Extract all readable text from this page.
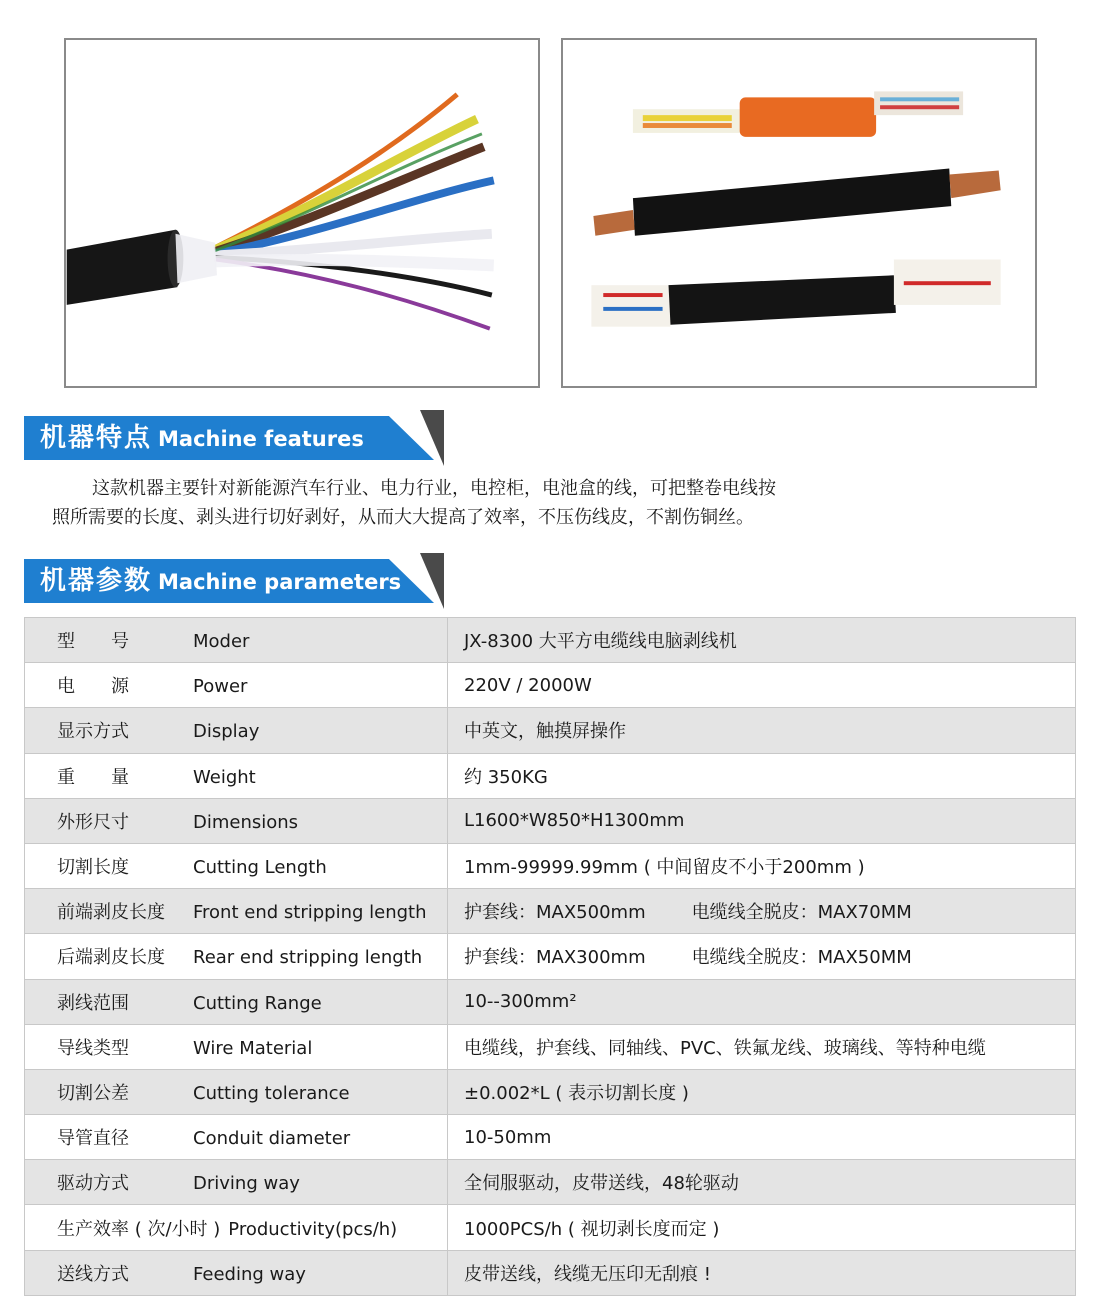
机器特点 Machine features
这款机器主要针对新能源汽车行业、电力行业，电控柜，电池盒的线，可把整卷电线按
照所需要的长度、剥头进行切好剥好，从而大大提高了效率，不压伤线皮，不割伤铜丝。
机器参数 Machine parameters
型　　号 Moder	JX-8300 大平方电缆线电脑剥线机
电　　源 Power	220V / 2000W
显示方式 Display	中英文，触摸屏操作
重　　量 Weight	约 350KG
外形尺寸 Dimensions	L1600*W850*H1300mm
切割长度 Cutting Length	1mm-99999.99mm ( 中间留皮不小于200mm )
前端剥皮长度 Front end stripping length	护套线：MAX500mm 电缆线全脱皮：MAX70MM
后端剥皮长度 Rear end stripping length	护套线：MAX300mm 电缆线全脱皮：MAX50MM
剥线范围 Cutting Range	10--300mm²
导线类型 Wire Material	电缆线，护套线、同轴线、PVC、铁氟龙线、玻璃线、等特种电缆
切割公差 Cutting tolerance	±0.002*L ( 表示切割长度 )
导管直径 Conduit diameter	10-50mm
驱动方式 Driving way	全伺服驱动，皮带送线，48轮驱动
生产效率 ( 次/小时 ) Productivity(pcs/h)	1000PCS/h ( 视切剥长度而定 )
送线方式 Feeding way	皮带送线，线缆无压印无刮痕 !
